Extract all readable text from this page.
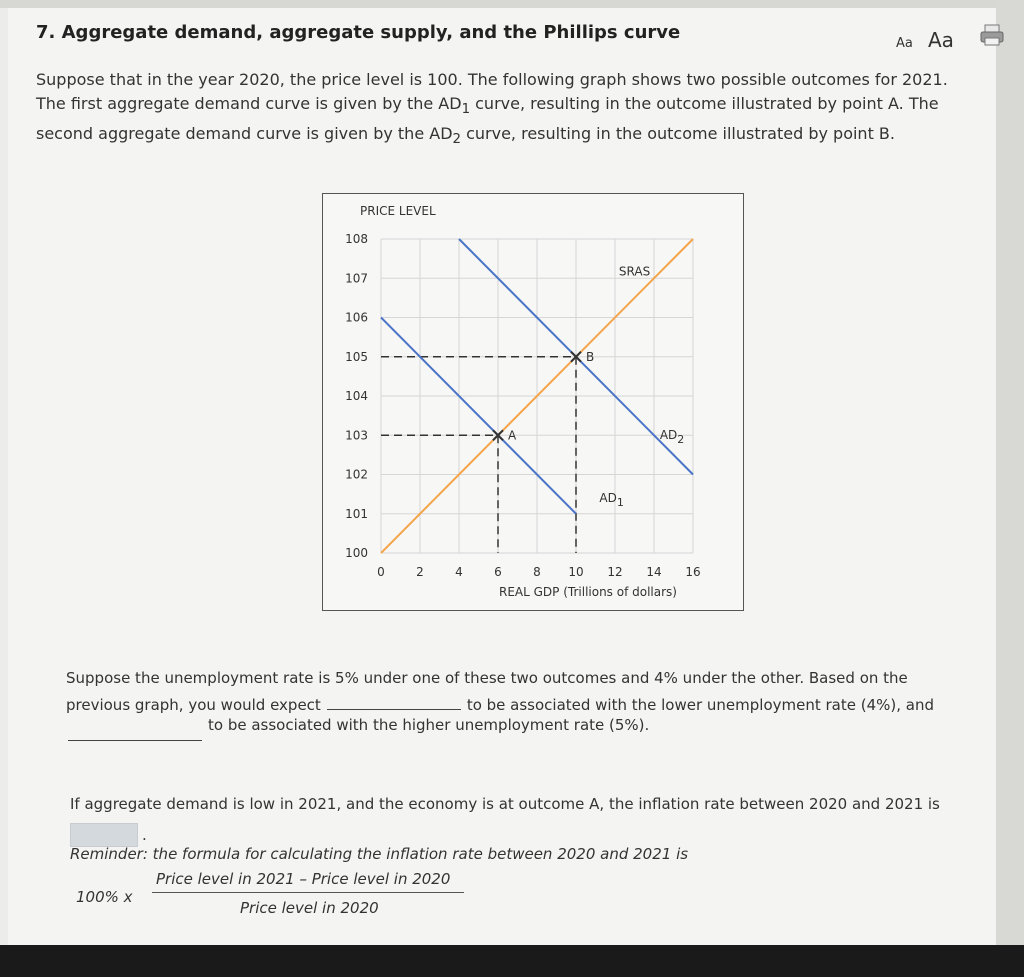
7. Aggregate demand, aggregate supply, and the Phillips curve
Aa Aa
Suppose that in the year 2020, the price level is 100. The following graph shows two possible outcomes for 2021.
The first aggregate demand curve is given by the $AD_1$ curve, resulting in the outcome illustrated by point A. The
second aggregate demand curve is given by the $AD_2$ curve, resulting in the outcome illustrated by point B.
PRICE LEVEL
100
101
102
103
104
105
106
107
108
0	2	4	6	8 10 12 14 16
SRAS
AD1
AD2
A
B
REAL GDP (Trillions of dollars)
Suppose the unemployment rate is 5% under one of these two outcomes and 4% under the other. Based on the
previous graph, you would expect	to be associated with the lower unemployment rate (4%), and
to be associated with the higher unemployment rate (5%).
If aggregate demand is low in 2021, and the economy is at outcome A, the inflation rate between 2020 and 2021 is
.
Reminder: the formula for calculating the inflation rate between 2020 and 2021 is
100% x
Price level in 2021 – Price level in 2020
Price level in 2020
